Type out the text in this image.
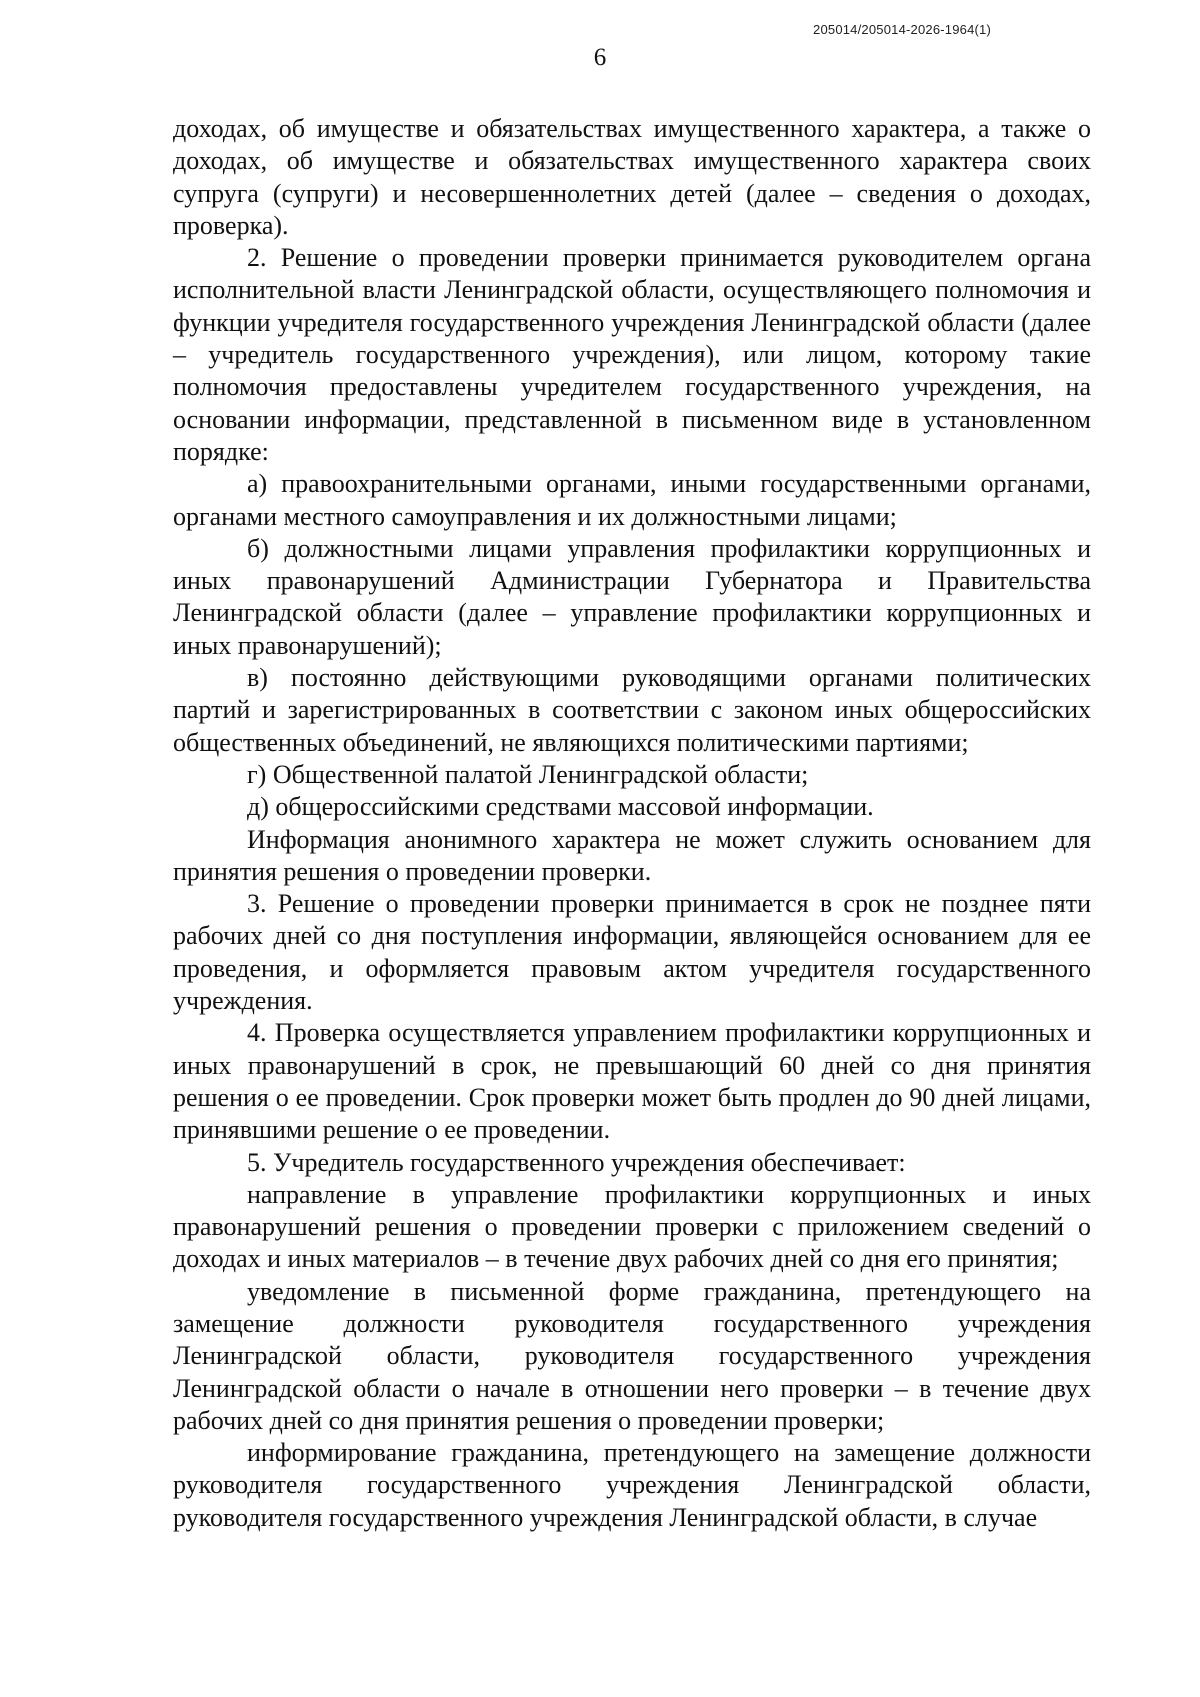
205014/205014-2026-1964(1)
6

доходах, об имуществе и обязательствах имущественного характера, а также о доходах, об имуществе и обязательствах имущественного характера своих супруга (супруги) и несовершеннолетних детей (далее – сведения о доходах, проверка).

2. Решение о проведении проверки принимается руководителем органа исполнительной власти Ленинградской области, осуществляющего полномочия и функции учредителя государственного учреждения Ленинградской области (далее – учредитель государственного учреждения), или лицом, которому такие полномочия предоставлены учредителем государственного учреждения, на основании информации, представленной в письменном виде в установленном порядке:

а) правоохранительными органами, иными государственными органами, органами местного самоуправления и их должностными лицами;

б) должностными лицами управления профилактики коррупционных и иных правонарушений Администрации Губернатора и Правительства Ленинградской области (далее – управление профилактики коррупционных и иных правонарушений);

в) постоянно действующими руководящими органами политических партий и зарегистрированных в соответствии с законом иных общероссийских общественных объединений, не являющихся политическими партиями;

г) Общественной палатой Ленинградской области;

д) общероссийскими средствами массовой информации.

Информация анонимного характера не может служить основанием для принятия решения о проведении проверки.

3. Решение о проведении проверки принимается в срок не позднее пяти рабочих дней со дня поступления информации, являющейся основанием для ее проведения, и оформляется правовым актом учредителя государственного учреждения.

4. Проверка осуществляется управлением профилактики коррупционных и иных правонарушений в срок, не превышающий 60 дней со дня принятия решения о ее проведении. Срок проверки может быть продлен до 90 дней лицами, принявшими решение о ее проведении.

5. Учредитель государственного учреждения обеспечивает:

направление в управление профилактики коррупционных и иных правонарушений решения о проведении проверки с приложением сведений о доходах и иных материалов – в течение двух рабочих дней со дня его принятия;

уведомление в письменной форме гражданина, претендующего на замещение должности руководителя государственного учреждения Ленинградской области, руководителя государственного учреждения Ленинградской области о начале в отношении него проверки – в течение двух рабочих дней со дня принятия решения о проведении проверки;

информирование гражданина, претендующего на замещение должности руководителя государственного учреждения Ленинградской области, руководителя государственного учреждения Ленинградской области, в случае
